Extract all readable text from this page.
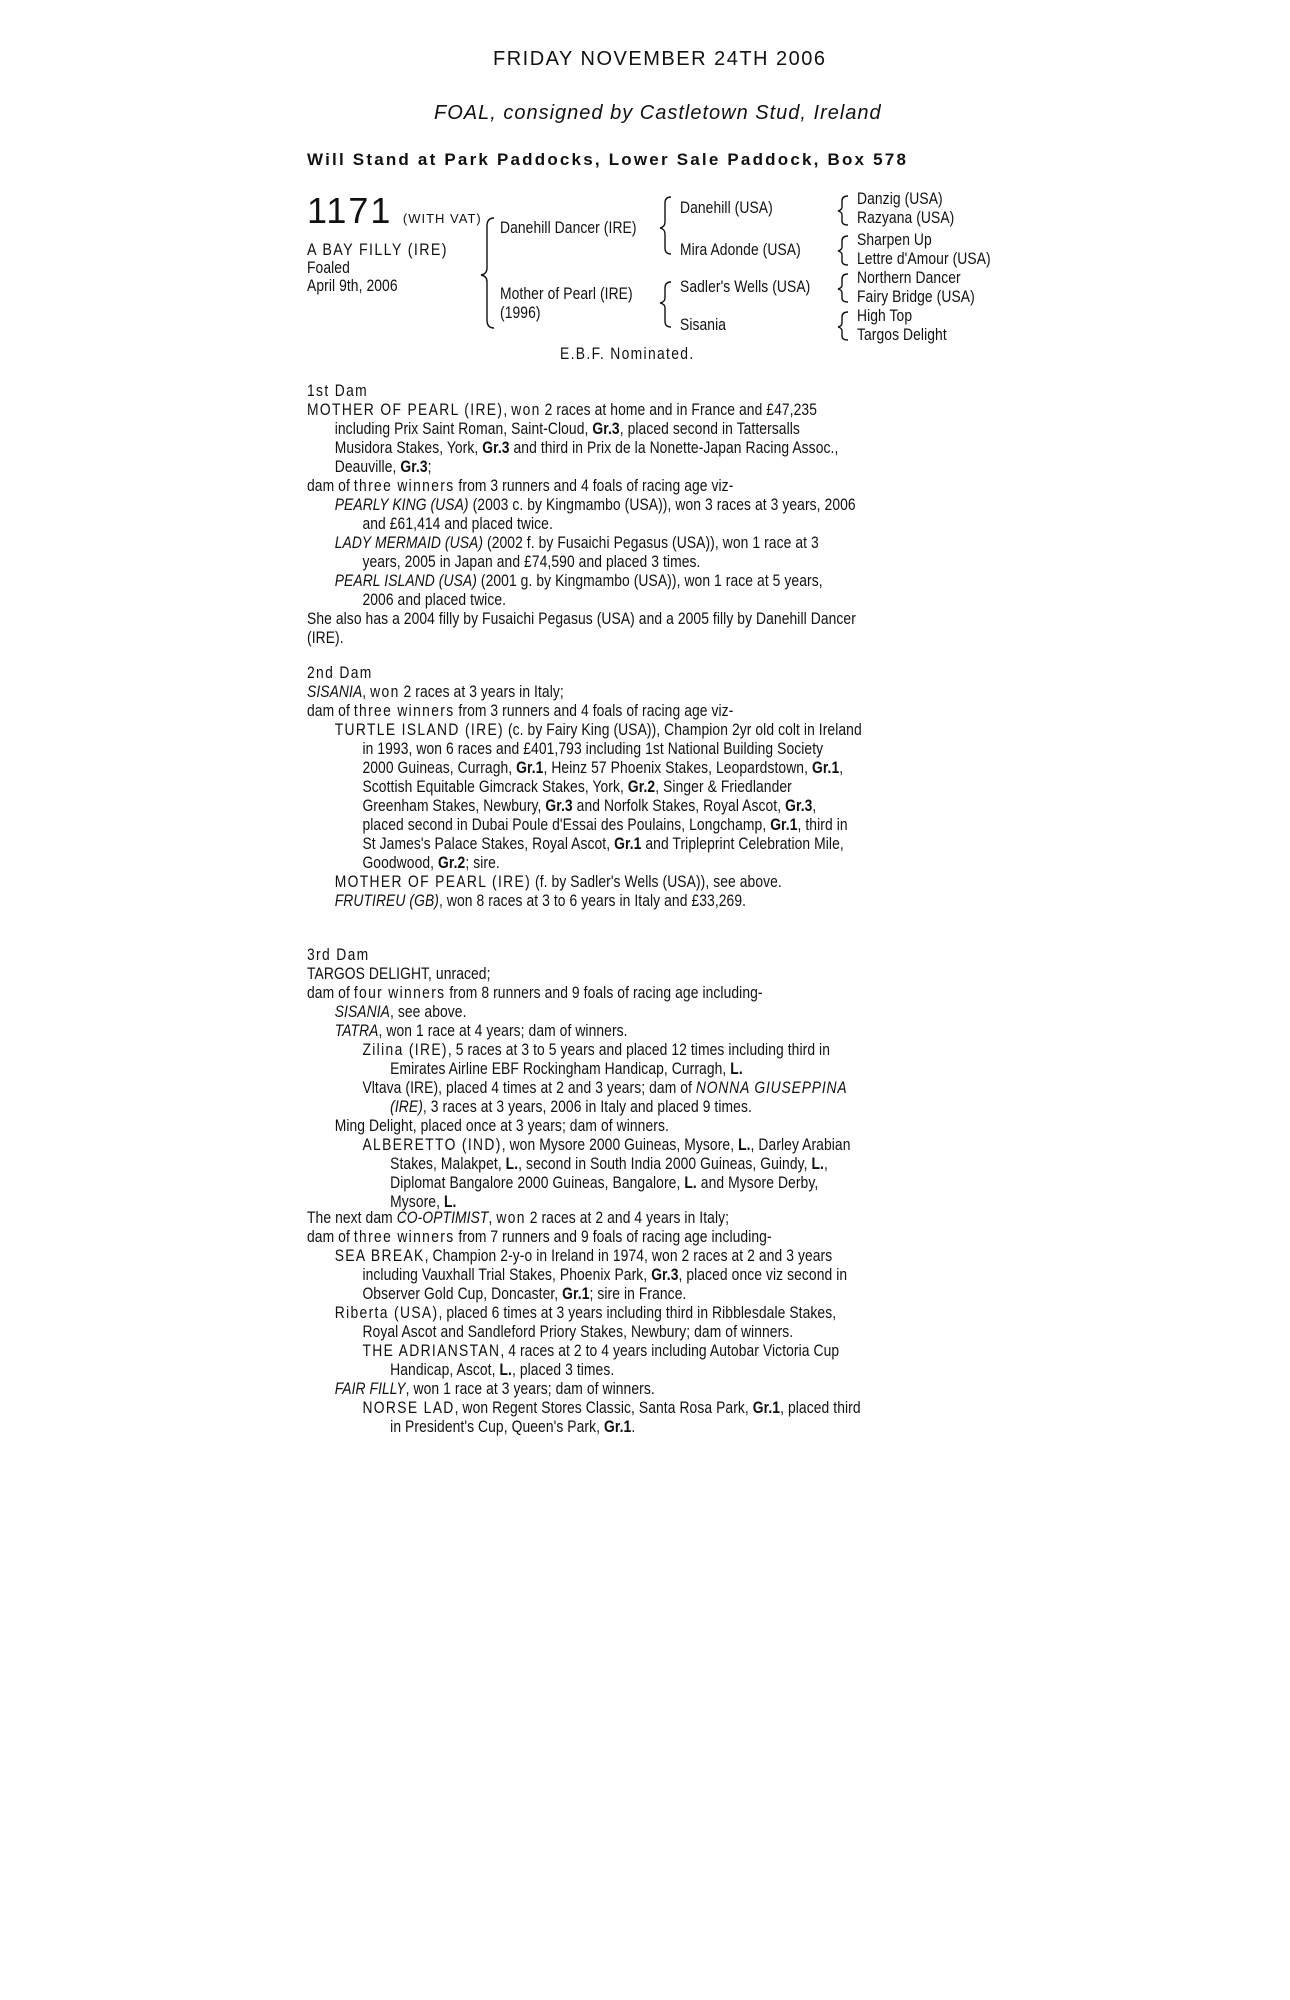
FRIDAY NOVEMBER 24TH 2006
FOAL, consigned by Castletown Stud, Ireland
Will Stand at Park Paddocks, Lower Sale Paddock, Box 578
1171 (WITH VAT)
A BAY FILLY (IRE)
Foaled
April 9th, 2006
Danehill Dancer (IRE)
Mother of Pearl (IRE)
(1996)
Danehill (USA)
Mira Adonde (USA)
Sadler's Wells (USA)
Sisania
Danzig (USA)
Razyana (USA)
Sharpen Up
Lettre d'Amour (USA)
Northern Dancer
Fairy Bridge (USA)
High Top
Targos Delight
E.B.F. Nominated.
1st Dam
MOTHER OF PEARL (IRE), won 2 races at home and in France and £47,235
including Prix Saint Roman, Saint-Cloud, Gr.3, placed second in Tattersalls
Musidora Stakes, York, Gr.3 and third in Prix de la Nonette-Japan Racing Assoc.,
Deauville, Gr.3;
dam of three winners from 3 runners and 4 foals of racing age viz-
PEARLY KING (USA) (2003 c. by Kingmambo (USA)), won 3 races at 3 years, 2006
and £61,414 and placed twice.
LADY MERMAID (USA) (2002 f. by Fusaichi Pegasus (USA)), won 1 race at 3
years, 2005 in Japan and £74,590 and placed 3 times.
PEARL ISLAND (USA) (2001 g. by Kingmambo (USA)), won 1 race at 5 years,
2006 and placed twice.
She also has a 2004 filly by Fusaichi Pegasus (USA) and a 2005 filly by Danehill Dancer
(IRE).
2nd Dam
SISANIA, won 2 races at 3 years in Italy;
dam of three winners from 3 runners and 4 foals of racing age viz-
TURTLE ISLAND (IRE) (c. by Fairy King (USA)), Champion 2yr old colt in Ireland
in 1993, won 6 races and £401,793 including 1st National Building Society
2000 Guineas, Curragh, Gr.1, Heinz 57 Phoenix Stakes, Leopardstown, Gr.1,
Scottish Equitable Gimcrack Stakes, York, Gr.2, Singer & Friedlander
Greenham Stakes, Newbury, Gr.3 and Norfolk Stakes, Royal Ascot, Gr.3,
placed second in Dubai Poule d'Essai des Poulains, Longchamp, Gr.1, third in
St James's Palace Stakes, Royal Ascot, Gr.1 and Tripleprint Celebration Mile,
Goodwood, Gr.2; sire.
MOTHER OF PEARL (IRE) (f. by Sadler's Wells (USA)), see above.
FRUTIREU (GB), won 8 races at 3 to 6 years in Italy and £33,269.
3rd Dam
TARGOS DELIGHT, unraced;
dam of four winners from 8 runners and 9 foals of racing age including-
SISANIA, see above.
TATRA, won 1 race at 4 years; dam of winners.
Zilina (IRE), 5 races at 3 to 5 years and placed 12 times including third in
Emirates Airline EBF Rockingham Handicap, Curragh, L.
Vltava (IRE), placed 4 times at 2 and 3 years; dam of NONNA GIUSEPPINA
(IRE), 3 races at 3 years, 2006 in Italy and placed 9 times.
Ming Delight, placed once at 3 years; dam of winners.
ALBERETTO (IND), won Mysore 2000 Guineas, Mysore, L., Darley Arabian
Stakes, Malakpet, L., second in South India 2000 Guineas, Guindy, L.,
Diplomat Bangalore 2000 Guineas, Bangalore, L. and Mysore Derby,
Mysore, L.
The next dam CO-OPTIMIST, won 2 races at 2 and 4 years in Italy;
dam of three winners from 7 runners and 9 foals of racing age including-
SEA BREAK, Champion 2-y-o in Ireland in 1974, won 2 races at 2 and 3 years
including Vauxhall Trial Stakes, Phoenix Park, Gr.3, placed once viz second in
Observer Gold Cup, Doncaster, Gr.1; sire in France.
Riberta (USA), placed 6 times at 3 years including third in Ribblesdale Stakes,
Royal Ascot and Sandleford Priory Stakes, Newbury; dam of winners.
THE ADRIANSTAN, 4 races at 2 to 4 years including Autobar Victoria Cup
Handicap, Ascot, L., placed 3 times.
FAIR FILLY, won 1 race at 3 years; dam of winners.
NORSE LAD, won Regent Stores Classic, Santa Rosa Park, Gr.1, placed third
in President's Cup, Queen's Park, Gr.1.
